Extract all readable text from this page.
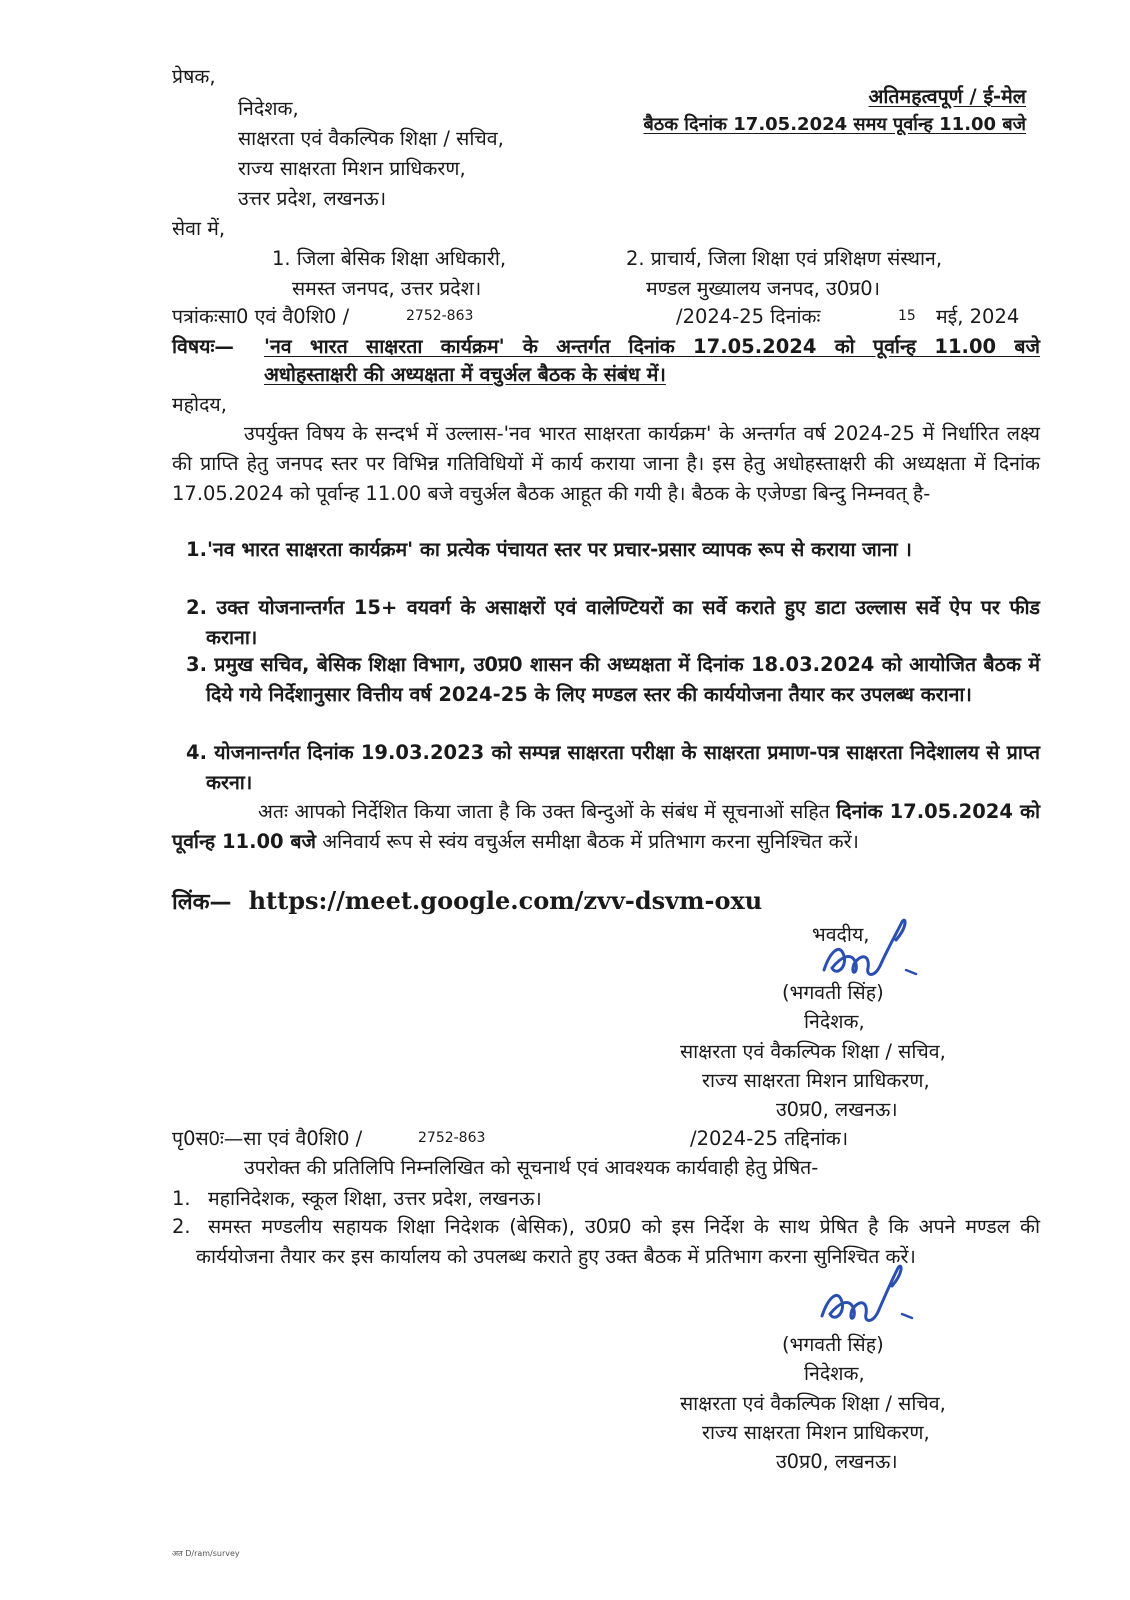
प्रेषक,
निदेशक,
साक्षरता एवं वैकल्पिक शिक्षा / सचिव,
राज्य साक्षरता मिशन प्राधिकरण,
उत्तर प्रदेश, लखनऊ।
अतिमहत्वपूर्ण / ई-मेल
बैठक दिनांक 17.05.2024 समय पूर्वान्ह 11.00 बजे
सेवा में,
1. जिला बेसिक शिक्षा अधिकारी,
समस्त जनपद, उत्तर प्रदेश।
2. प्राचार्य, जिला शिक्षा एवं प्रशिक्षण संस्थान,
मण्डल मुख्यालय जनपद, उ0प्र0।
पत्रांकःसा0 एवं वै0शि0 /	2752-863	/2024-25 दिनांकः	15 मई, 2024
विषयः— 'नव भारत साक्षरता कार्यक्रम' के अन्तर्गत दिनांक 17.05.2024 को पूर्वान्ह 11.00 बजे
अधोहस्ताक्षरी की अध्यक्षता में वचुर्अल बैठक के संबंध में।
महोदय,
उपर्युक्त विषय के सन्दर्भ में उल्लास-'नव भारत साक्षरता कार्यक्रम' के अन्तर्गत वर्ष 2024-25 में निर्धारित लक्ष्य की प्राप्ति हेतु जनपद स्तर पर विभिन्न गतिविधियों में कार्य कराया जाना है। इस हेतु अधोहस्ताक्षरी की अध्यक्षता में दिनांक 17.05.2024 को पूर्वान्ह 11.00 बजे वचुर्अल बैठक आहूत की गयी है। बैठक के एजेण्डा बिन्दु निम्नवत् है-
1.'नव भारत साक्षरता कार्यक्रम' का प्रत्येक पंचायत स्तर पर प्रचार-प्रसार व्यापक रूप से कराया जाना ।
2. उक्त योजनान्तर्गत 15+ वयवर्ग के असाक्षरों एवं वालेण्टियरों का सर्वे कराते हुए डाटा उल्लास सर्वे ऐप पर फीड कराना।
3. प्रमुख सचिव, बेसिक शिक्षा विभाग, उ0प्र0 शासन की अध्यक्षता में दिनांक 18.03.2024 को आयोजित बैठक में दिये गये निर्देशानुसार वित्तीय वर्ष 2024-25 के लिए मण्डल स्तर की कार्ययोजना तैयार कर उपलब्ध कराना।
4. योजनान्तर्गत दिनांक 19.03.2023 को सम्पन्न साक्षरता परीक्षा के साक्षरता प्रमाण-पत्र साक्षरता निदेशालय से प्राप्त करना।
अतः आपको निर्देशित किया जाता है कि उक्त बिन्दुओं के संबंध में सूचनाओं सहित दिनांक 17.05.2024 को पूर्वान्ह 11.00 बजे अनिवार्य रूप से स्वंय वचुर्अल समीक्षा बैठक में प्रतिभाग करना सुनिश्चित करें।
लिंक— https://meet.google.com/zvv-dsvm-oxu
भवदीय,
(भगवती सिंह)
निदेशक,
साक्षरता एवं वैकल्पिक शिक्षा / सचिव,
राज्य साक्षरता मिशन प्राधिकरण,
उ0प्र0, लखनऊ।
पृ0स0ः—सा एवं वै0शि0 /	2752-863	/2024-25 तद्दिनांक।
उपरोक्त की प्रतिलिपि निम्नलिखित को सूचनार्थ एवं आवश्यक कार्यवाही हेतु प्रेषित-
1. महानिदेशक, स्कूल शिक्षा, उत्तर प्रदेश, लखनऊ।
2. समस्त मण्डलीय सहायक शिक्षा निदेशक (बेसिक), उ0प्र0 को इस निर्देश के साथ प्रेषित है कि अपने मण्डल की कार्ययोजना तैयार कर इस कार्यालय को उपलब्ध कराते हुए उक्त बैठक में प्रतिभाग करना सुनिश्चित करें।
(भगवती सिंह)
निदेशक,
साक्षरता एवं वैकल्पिक शिक्षा / सचिव,
राज्य साक्षरता मिशन प्राधिकरण,
उ0प्र0, लखनऊ।
अत D/ram/survey
